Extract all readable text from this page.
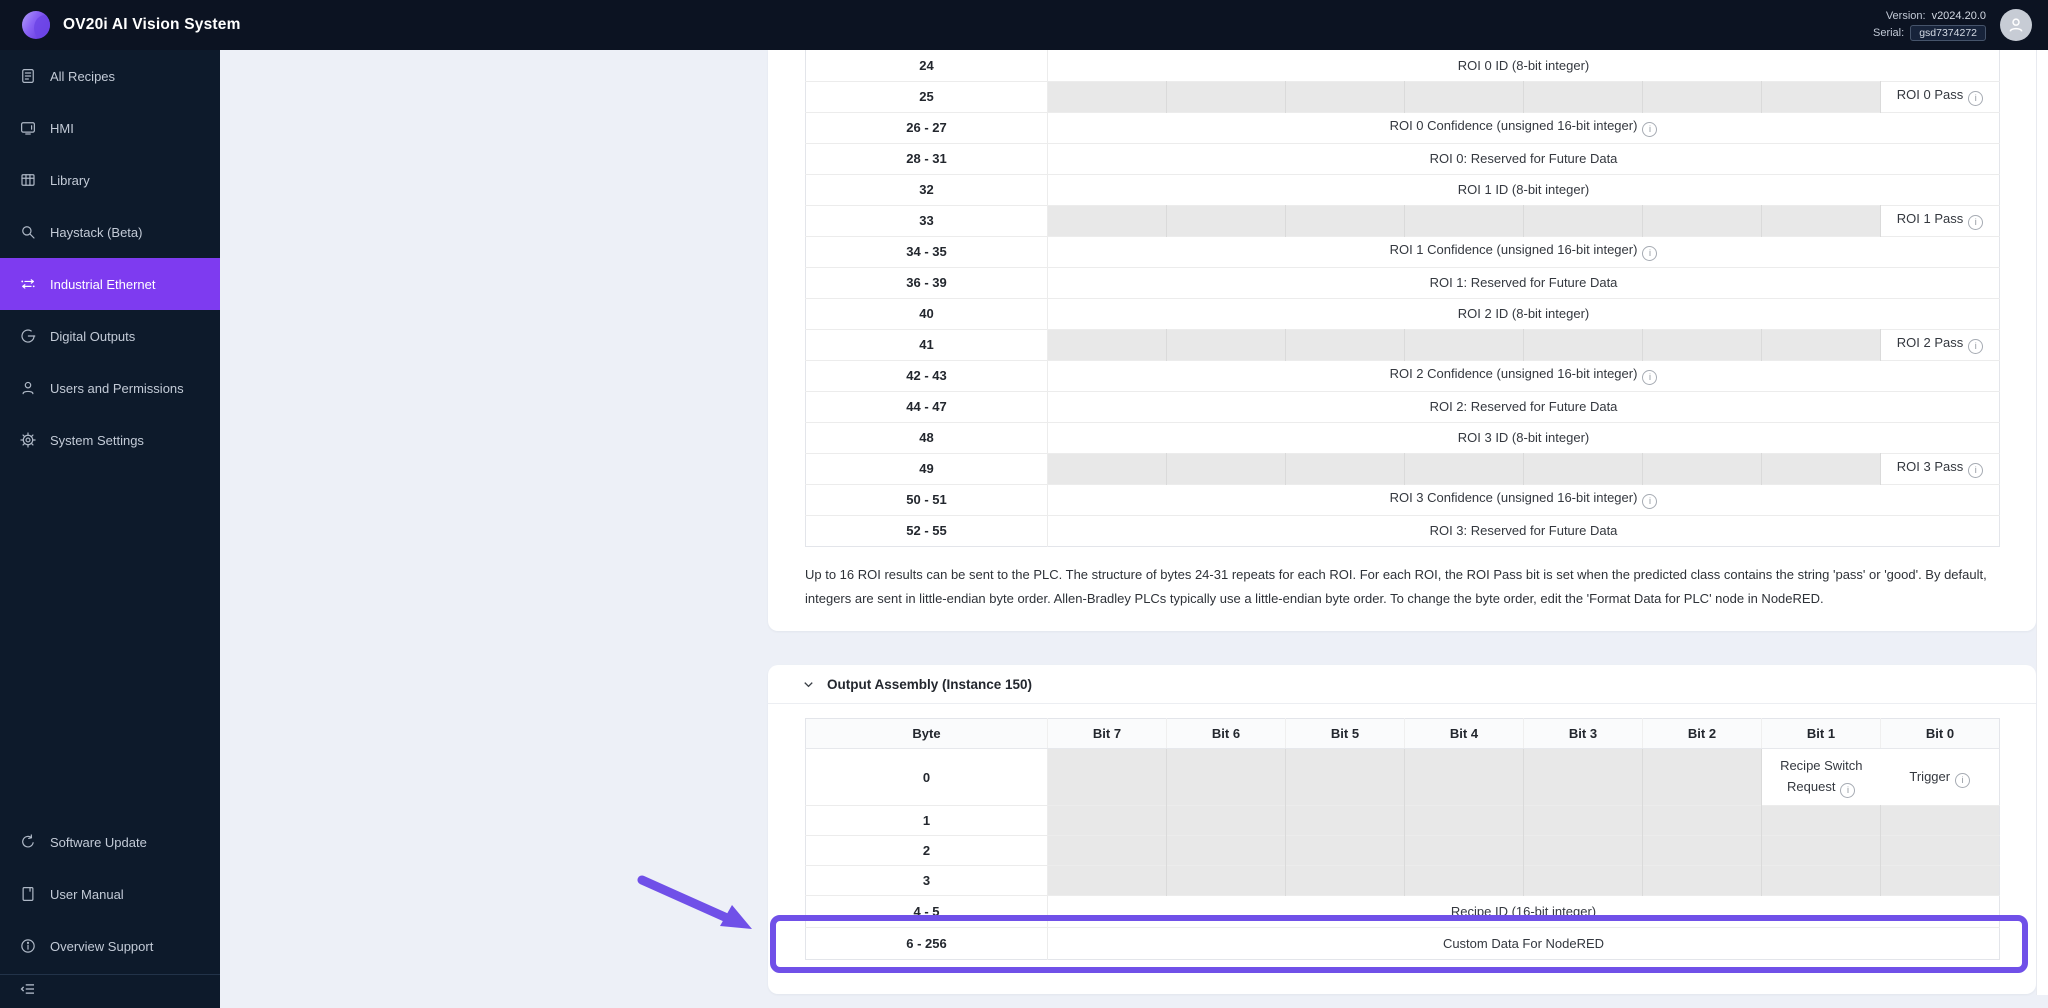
OV20i AI Vision System
Version: v2024.20.0
Serial:	gsd7374272
All Recipes
HMI
Library
Haystack (Beta)
Industrial Ethernet
Digital Outputs
Users and Permissions
System Settings
Software Update
User Manual
Overview Support
24	ROI 0 ID (8-bit integer)							
25								ROI 0 Pass i
26 - 27	ROI 0 Confidence (unsigned 16-bit integer) i							
28 - 31	ROI 0: Reserved for Future Data							
32	ROI 1 ID (8-bit integer)							
33								ROI 1 Pass i
34 - 35	ROI 1 Confidence (unsigned 16-bit integer) i							
36 - 39	ROI 1: Reserved for Future Data							
40	ROI 2 ID (8-bit integer)							
41								ROI 2 Pass i
42 - 43	ROI 2 Confidence (unsigned 16-bit integer) i							
44 - 47	ROI 2: Reserved for Future Data							
48	ROI 3 ID (8-bit integer)							
49								ROI 3 Pass i
50 - 51	ROI 3 Confidence (unsigned 16-bit integer) i							
52 - 55	ROI 3: Reserved for Future Data							

Up to 16 ROI results can be sent to the PLC. The structure of bytes 24-31 repeats for each ROI. For each ROI, the ROI Pass bit is set when the predicted class contains the string 'pass' or 'good'. By default, integers are sent in little-endian byte order. Allen-Bradley PLCs typically use a little-endian byte order. To change the byte order, edit the 'Format Data for PLC' node in NodeRED.

Output Assembly (Instance 150)
Byte	Bit 7	Bit 6	Bit 5	Bit 4	Bit 3	Bit 2	Bit 1	Bit 0
0							Recipe Switch Request i	Trigger i
1								
2								
3								
4 - 5	Recipe ID (16-bit integer)							
6 - 256	Custom Data For NodeRED							
